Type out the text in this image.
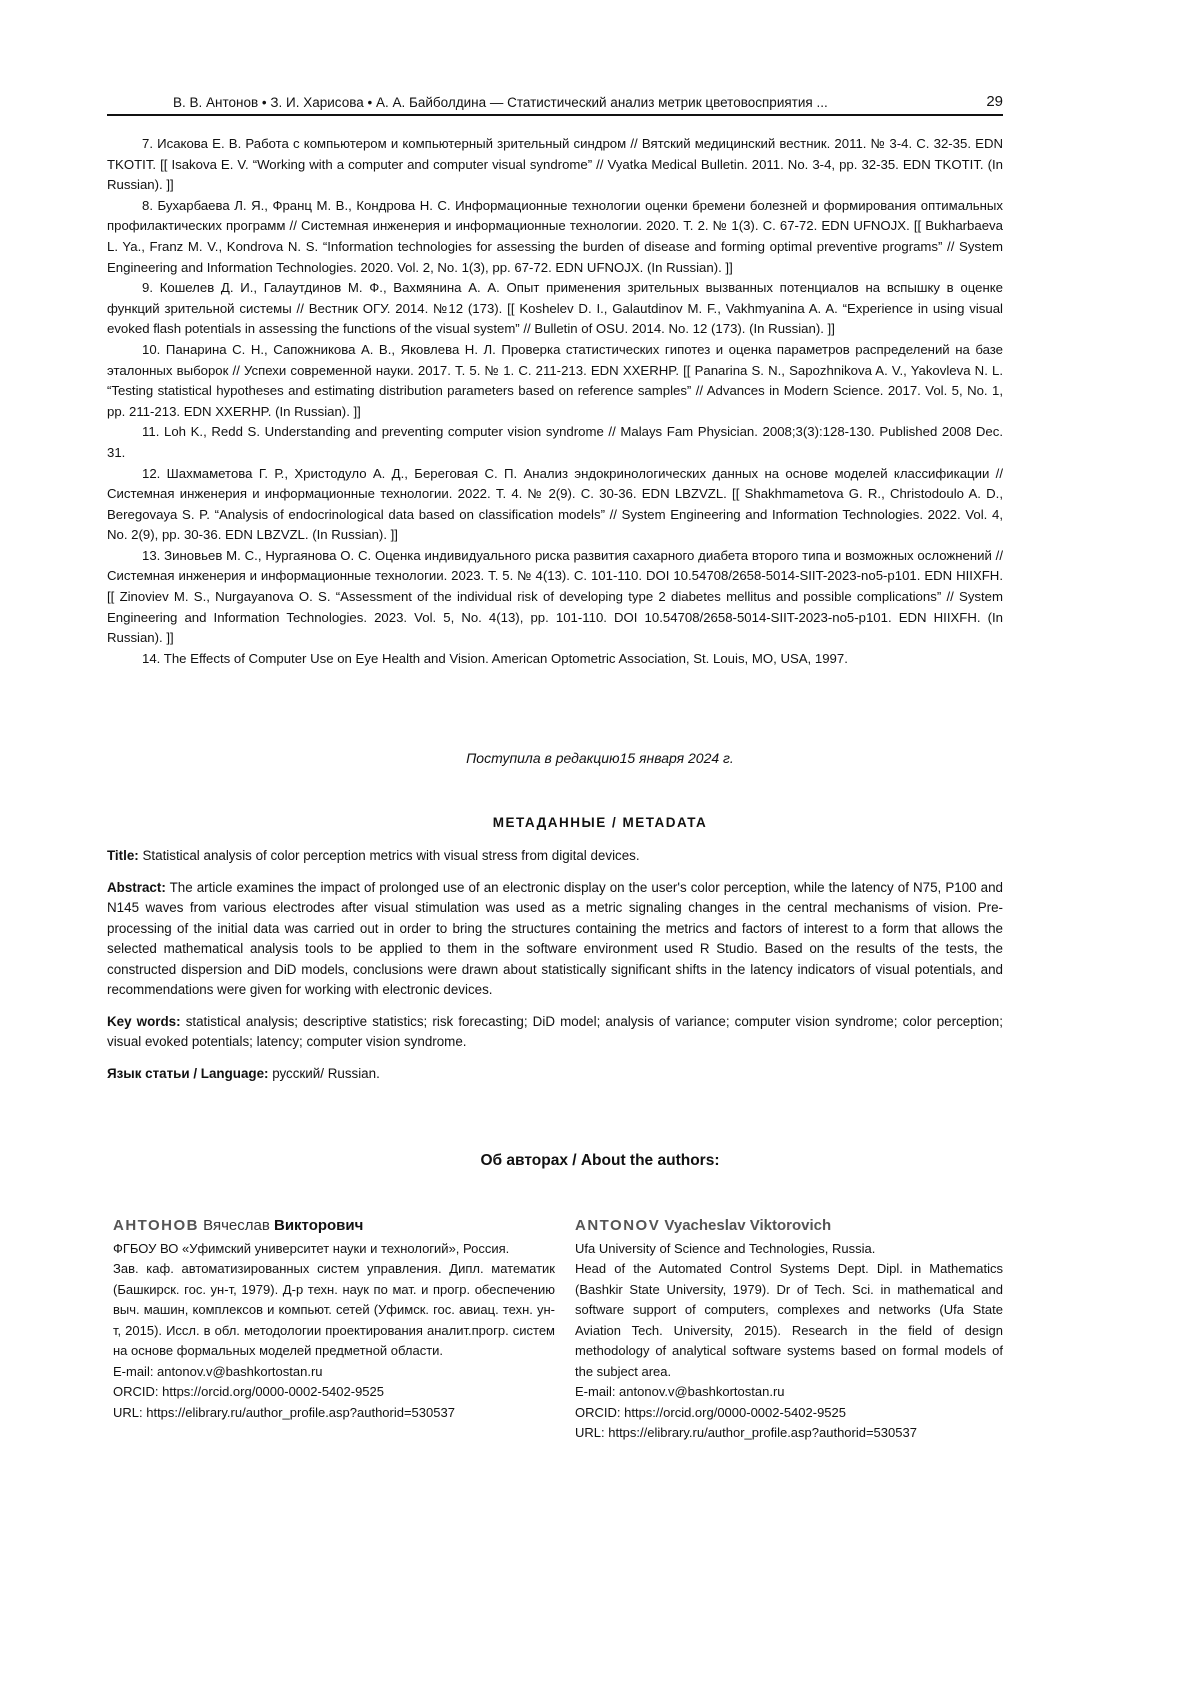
В. В. Антонов • З. И. Харисова • А. А. Байболдина — Статистический анализ метрик цветовосприятия ...	29

7. Исакова Е. В. Работа с компьютером и компьютерный зрительный синдром // Вятский медицинский вестник. 2011. № 3-4. С. 32-35. EDN TKOTIT. [[ Isakova E. V. “Working with a computer and computer visual syndrome” // Vyatka Medical Bulletin. 2011. No. 3-4, pp. 32-35. EDN TKOTIT. (In Russian). ]]

8. Бухарбаева Л. Я., Франц М. В., Кондрова Н. С. Информационные технологии оценки бремени болезней и формирования оптимальных профилактических программ // Системная инженерия и информационные технологии. 2020. Т. 2. № 1(3). С. 67-72. EDN UFNOJX. [[ Bukharbaeva L. Ya., Franz M. V., Kondrova N. S. “Information technologies for assessing the burden of disease and forming optimal preventive programs” // System Engineering and Information Technologies. 2020. Vol. 2, No. 1(3), pp. 67-72. EDN UFNOJX. (In Russian). ]]

9. Кошелев Д. И., Галаутдинов М. Ф., Вахмянина А. А. Опыт применения зрительных вызванных потенциалов на вспышку в оценке функций зрительной системы // Вестник ОГУ. 2014. №12 (173). [[ Koshelev D. I., Galautdinov M. F., Vakhmyanina A. A. “Experience in using visual evoked flash potentials in assessing the functions of the visual system” // Bulletin of OSU. 2014. No. 12 (173). (In Russian). ]]

10. Панарина С. Н., Сапожникова А. В., Яковлева Н. Л. Проверка статистических гипотез и оценка параметров распределений на базе эталонных выборок // Успехи современной науки. 2017. Т. 5. № 1. С. 211-213. EDN XXERHP. [[ Panarina S. N., Sapozhnikova A. V., Yakovleva N. L. “Testing statistical hypotheses and estimating distribution parameters based on reference samples” // Advances in Modern Science. 2017. Vol. 5, No. 1, pp. 211-213. EDN XXERHP. (In Russian). ]]

11. Loh K., Redd S. Understanding and preventing computer vision syndrome // Malays Fam Physician. 2008;3(3):128-130. Published 2008 Dec. 31.

12. Шахмаметова Г. Р., Христодуло А. Д., Береговая С. П. Анализ эндокринологических данных на основе моделей классификации // Системная инженерия и информационные технологии. 2022. Т. 4. № 2(9). С. 30-36. EDN LBZVZL. [[ Shakhmametova G. R., Christodoulo A. D., Beregovaya S. P. “Analysis of endocrinological data based on classification models” // System Engineering and Information Technologies. 2022. Vol. 4, No. 2(9), pp. 30-36. EDN LBZVZL. (In Russian). ]]

13. Зиновьев М. С., Нургаянова О. С. Оценка индивидуального риска развития сахарного диабета второго типа и возможных осложнений // Системная инженерия и информационные технологии. 2023. Т. 5. № 4(13). С. 101-110. DOI 10.54708/2658-5014-SIIT-2023-no5-p101. EDN HIIXFH. [[ Zinoviev M. S., Nurgayanova O. S. “Assessment of the individual risk of developing type 2 diabetes mellitus and possible complications” // System Engineering and Information Technologies. 2023. Vol. 5, No. 4(13), pp. 101-110. DOI 10.54708/2658-5014-SIIT-2023-no5-p101. EDN HIIXFH. (In Russian). ]]

14. The Effects of Computer Use on Eye Health and Vision. American Optometric Association, St. Louis, MO, USA, 1997.

Поступила в редакцию15 января 2024 г.
МЕТАДАННЫЕ / METADATA

Title: Statistical analysis of color perception metrics with visual stress from digital devices.

Abstract: The article examines the impact of prolonged use of an electronic display on the user's color perception, while the latency of N75, P100 and N145 waves from various electrodes after visual stimulation was used as a metric signaling changes in the central mechanisms of vision. Pre-processing of the initial data was carried out in order to bring the structures containing the metrics and factors of interest to a form that allows the selected mathematical analysis tools to be applied to them in the software environment used R Studio. Based on the results of the tests, the constructed dispersion and DiD models, conclusions were drawn about statistically significant shifts in the latency indicators of visual potentials, and recommendations were given for working with electronic devices.

Key words: statistical analysis; descriptive statistics; risk forecasting; DiD model; analysis of variance; computer vision syndrome; color perception; visual evoked potentials; latency; computer vision syndrome.

Язык статьи / Language: русский/ Russian.

Об авторах / About the authors:
АНТОНОВ Вячеслав Викторович
ФГБОУ ВО «Уфимский университет науки и технологий», Россия.
Зав. каф. автоматизированных систем управления. Дипл. математик (Башкирск. гос. ун-т, 1979). Д-р техн. наук по мат. и прогр. обеспечению выч. машин, комплексов и компьют. сетей (Уфимск. гос. авиац. техн. ун-т, 2015). Иссл. в обл. методологии проектирования аналит.прогр. систем на основе формальных моделей предметной области.
E-mail: antonov.v@bashkortostan.ru
ORCID: https://orcid.org/0000-0002-5402-9525
URL: https://elibrary.ru/author_profile.asp?authorid=530537
ANTONOV Vyacheslav Viktorovich
Ufa University of Science and Technologies, Russia.
Head of the Automated Control Systems Dept. Dipl. in Mathematics (Bashkir State University, 1979). Dr of Tech. Sci. in mathematical and software support of computers, complexes and networks (Ufa State Aviation Tech. University, 2015). Research in the field of design methodology of analytical software systems based on formal models of the subject area.
E-mail: antonov.v@bashkortostan.ru
ORCID: https://orcid.org/0000-0002-5402-9525
URL: https://elibrary.ru/author_profile.asp?authorid=530537
